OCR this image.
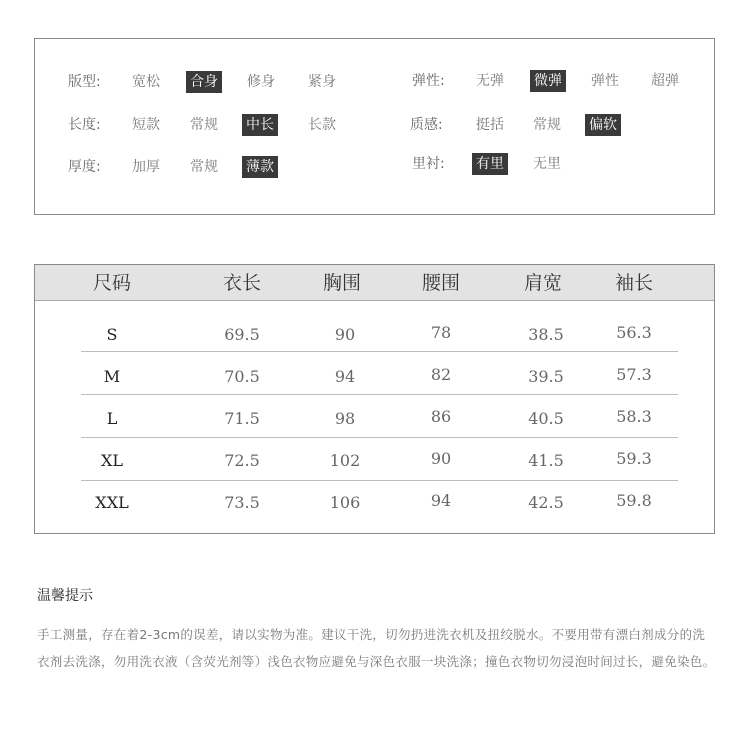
版型: 宽松 合身 修身 紧身	弹性: 无弹 微弹 弹性 超弹
长度: 短款 常规 中长 长款	质感: 挺括 常规 偏软
厚度: 加厚 常规 薄款	里衬: 有里 无里
尺码	衣长	胸围	腰围	肩宽	袖长
S	69.5	90	78	38.5	56.3
M	70.5	94	82	39.5	57.3
L	71.5	98	86	40.5	58.3
XL	72.5	102	90	41.5	59.3
XXL	73.5	106	94	42.5	59.8
温馨提示
手工测量，存在着2-3cm的误差，请以实物为准。建议干洗，切勿扔进洗衣机及扭绞脱水。不要用带有漂白剂成分的洗衣剂去洗涤，勿用洗衣液（含荧光剂等）浅色衣物应避免与深色衣服一块洗涤；撞色衣物切勿浸泡时间过长，避免染色。
